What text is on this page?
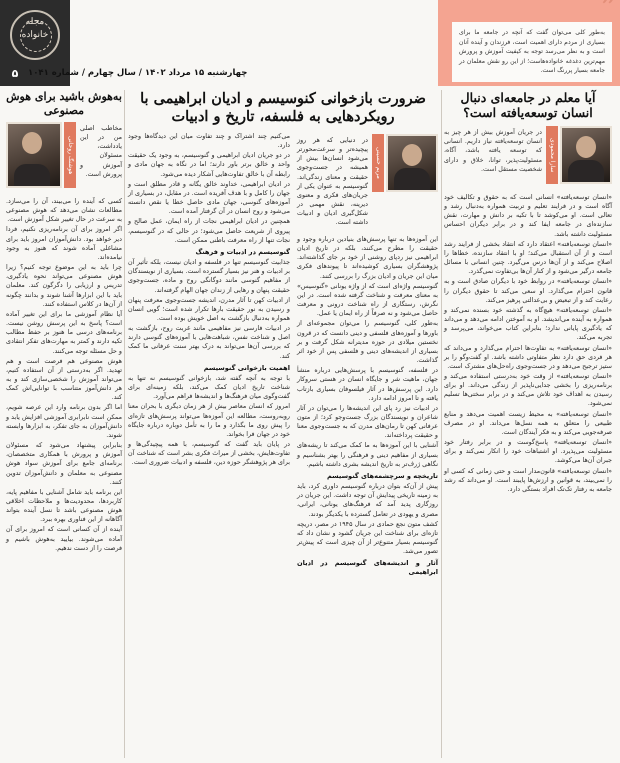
مجله
خانواده
۵	چهارشنبه ۱۵ مرداد ۱۴۰۲ / سال چهارم / شماره ۱۰۴۱
” به‌طور کلی می‌توان گفت که آنچه در جامعه ما برای بسیاری از مردم دارای اهمیت است، فرزندان و آینده آنان است و به نظر می‌رسد توجه به کیفیت آموزش و پرورش مهم‌ترین دغدغه خانواده‌هاست؛ از این رو نقش معلمان در جامعه بسیار پررنگ است.
آیا معلم در جامعه‌ای دنبال انسان توسعه‌یافته است؟
سارا محمودی
در جریان آموزش بیش از هر چیز به انسان توسعه‌یافته نیاز داریم. انسانی که توسعه یافته باشد، آگاه، مسئولیت‌پذیر، توانا، خلاق و دارای شخصیت مستقل است.

«انسان توسعه‌یافته» انسانی است که به حقوق و تکالیف خود آگاه است و در فرایند تعلیم و تربیت همواره به‌دنبال رشد و تعالی است. او می‌کوشد تا با تکیه بر دانش و مهارت، نقش سازنده‌ای در جامعه ایفا کند و در برابر دیگران احساس مسئولیت داشته باشد.

«انسان توسعه‌یافته» اعتقاد دارد که انتقاد بخشی از فرایند رشد است و از آن استقبال می‌کند؛ او با انتقاد سازنده، خطاها را اصلاح می‌کند و از آن‌ها درس می‌گیرد. چنین انسانی با مسائل جامعه درگیر می‌شود و از کنار آن‌ها بی‌تفاوت نمی‌گذرد.

«انسان توسعه‌یافته» در روابط خود با دیگران صادق است و به قانون احترام می‌گذارد. او سعی می‌کند تا حقوق دیگران را رعایت کند و از تبعیض و بی‌عدالتی پرهیز می‌کند.

«انسان توسعه‌یافته» هیچ‌گاه به گذشته خود بسنده نمی‌کند و همواره به آینده می‌اندیشد. او به آموختن ادامه می‌دهد و می‌داند که یادگیری پایانی ندارد؛ بنابراین کتاب می‌خواند، می‌پرسد و تجربه می‌کند.

«انسان توسعه‌یافته» به تفاوت‌ها احترام می‌گذارد و می‌داند که هر فردی حق دارد نظر متفاوتی داشته باشد. او گفت‌وگو را بر ستیز ترجیح می‌دهد و در جست‌وجوی راه‌حل‌های مشترک است.

«انسان توسعه‌یافته» از وقت خود به‌درستی استفاده می‌کند و برنامه‌ریزی را بخشی جدایی‌ناپذیر از زندگی می‌داند. او برای رسیدن به اهداف خود تلاش می‌کند و در برابر سختی‌ها تسلیم نمی‌شود.

«انسان توسعه‌یافته» به محیط زیست اهمیت می‌دهد و منابع طبیعی را متعلق به همه نسل‌ها می‌داند. او در مصرف صرفه‌جویی می‌کند و به فکر آیندگان است.

«انسان توسعه‌یافته» پاسخ‌گوست و در برابر رفتار خود مسئولیت می‌پذیرد. او اشتباهات خود را انکار نمی‌کند و برای جبران آن‌ها می‌کوشد.

«انسان توسعه‌یافته» قانون‌مدار است و حتی زمانی که کسی او را نمی‌بیند، به قوانین و ارزش‌ها پایبند است. او می‌داند که رشد جامعه به رفتار تک‌تک افراد بستگی دارد.

ضرورت بازخوانی کنوسیسم و ادیان ابراهیمی با رویکردهایی به فلسفه، تاریخ و ادبیات
مریم حسینی
در دنیایی که هر روز پیچیده‌تر و سرعت‌محورتر می‌شود انسان‌ها بیش از همیشه در جست‌وجوی حقیقت و معنای زندگی‌اند. گنوسیسم به عنوان یکی از جریان‌های فکری و معنوی دیرینه، نقش مهمی در شکل‌گیری ادیان و ادبیات داشته است.

این آموزه‌ها به تنها پرسش‌های بنیادین درباره وجود و حقیقت را مطرح می‌کنند، بلکه در تاریخ ادیان ابراهیمی نیز ردپای روشنی از خود بر جای گذاشته‌اند. پژوهشگران بسیاری کوشیده‌اند تا پیوندهای فکری میان این جریان و ادیان بزرگ را بررسی کنند.

گنوسیسم واژه‌ای است که از واژه یونانی «گنوسیس» به معنای معرفت و شناخت گرفته شده است. در این نگرش، رستگاری از راه شناخت درونی و معرفت حاصل می‌شود و نه صرفاً از راه ایمان یا عمل.

به‌طور کلی، گنوسیسم را می‌توان مجموعه‌ای از باورها و آموزه‌های فلسفی و دینی دانست که در قرون نخستین میلادی در حوزه مدیترانه شکل گرفت و بر بسیاری از اندیشه‌های دینی و فلسفی پس از خود اثر گذاشت.

در فلسفه، گنوسیسم با پرسش‌هایی درباره منشأ جهان، ماهیت شر و جایگاه انسان در هستی سروکار دارد. این پرسش‌ها در آثار فیلسوفان بسیاری بازتاب یافته و تا امروز ادامه دارد.

در ادبیات نیز رد پای این اندیشه‌ها را می‌توان در آثار شاعران و نویسندگان بزرگ جست‌وجو کرد؛ از متون عرفانی کهن تا رمان‌های مدرن که به جست‌وجوی معنا و حقیقت پرداخته‌اند.

آشنایی با این آموزه‌ها به ما کمک می‌کند تا ریشه‌های بسیاری از مفاهیم دینی و فرهنگی را بهتر بشناسیم و نگاهی ژرف‌تر به تاریخ اندیشه بشری داشته باشیم.

تاریخچه و سرچشمه‌های گنوسیسم

پیش از آن‌که بتوان درباره گنوسیسم داوری کرد، باید به زمینه تاریخی پیدایش آن توجه داشت. این جریان در روزگاری پدید آمد که فرهنگ‌های یونانی، ایرانی، مصری و یهودی در تعامل گسترده با یکدیگر بودند.

کشف متون نجع حمادی در سال ۱۹۴۵ در مصر، دریچه تازه‌ای برای شناخت این جریان گشود و نشان داد که گنوسیسم بسیار متنوع‌تر از آن چیزی است که پیش‌تر تصور می‌شد.

آثار و اندیشه‌های گنوسیسم در ادیان ابراهیمی

می‌کنیم چند اشتراک و چند تفاوت میان این دیدگاه‌ها وجود دارد.

در دو جریان ادیان ابراهیمی و گنوسیسم، به وجود یک حقیقت واحد و خالق برتر باور دارند؛ اما در نگاه به جهان مادی و رابطه آن با خالق تفاوت‌هایی آشکار دیده می‌شود.

در ادیان ابراهیمی، خداوند خالق یگانه و قادر مطلق است و جهان را کامل و با هدف آفریده است. در مقابل، در بسیاری از آموزه‌های گنوسی، جهان مادی حاصل خطا یا نقص دانسته می‌شود و روح انسان در آن گرفتار آمده است.

همچنین در ادیان ابراهیمی نجات از راه ایمان، عمل صالح و پیروی از شریعت حاصل می‌شود؛ در حالی که در گنوسیسم، نجات تنها از راه معرفت باطنی ممکن است.

گنوسیسم در ادبیات و فرهنگ

جذابیت گنوسیسم تنها در فلسفه و ادیان نیست، بلکه تأثیر آن بر ادبیات و هنر نیز بسیار گسترده است. بسیاری از نویسندگان از مفاهیم گنوسی مانند دوگانگی روح و ماده، جست‌وجوی حقیقت پنهان و رهایی از زندان جهان الهام گرفته‌اند.

از ادبیات کهن تا آثار مدرن، اندیشه جست‌وجوی معرفت پنهان و رسیدن به نور حقیقت بارها تکرار شده است؛ گویی انسان همواره به‌دنبال بازگشت به اصل خویش بوده است.

در ادبیات فارسی نیز مفاهیمی مانند غربت روح، بازگشت به اصل و شناخت نفس، شباهت‌هایی با آموزه‌های گنوسی دارند که بررسی آن‌ها می‌تواند به درک بهتر سنت عرفانی ما کمک کند.

اهمیت بازخوانی گنوسیسم

با توجه به آنچه گفته شد، بازخوانی گنوسیسم نه تنها به شناخت تاریخ ادیان کمک می‌کند، بلکه زمینه‌ای برای گفت‌وگوی میان فرهنگ‌ها و اندیشه‌ها فراهم می‌آورد.

امروز که انسان معاصر بیش از هر زمان دیگری با بحران معنا روبه‌روست، مطالعه این آموزه‌ها می‌تواند پرسش‌های تازه‌ای را پیش روی ما بگذارد و ما را به تأمل دوباره درباره جایگاه خود در جهان فرا بخواند.

در پایان باید گفت که گنوسیسم، با همه پیچیدگی‌ها و تفاوت‌هایش، بخشی از میراث فکری بشر است که شناخت آن برای هر پژوهشگر حوزه دین، فلسفه و ادبیات ضروری است.

به‌هوش باشید برای هوش مصنوعی
هوشنگ روحانی
مخاطب اصلی من در این یادداشت، مسئولان آموزش و پرورش است.

کسی که آینده را می‌بیند، آن را می‌سازد. مطالعات نشان می‌دهد که هوش مصنوعی به سرعت در حال تغییر شکل آموزش است.

اگر امروز برای آن برنامه‌ریزی نکنیم، فردا دیر خواهد بود. دانش‌آموزان امروز باید برای مشاغلی آماده شوند که هنوز به وجود نیامده‌اند.

چرا باید به این موضوع توجه کنیم؟ زیرا هوش مصنوعی می‌تواند نحوه یادگیری، تدریس و ارزیابی را دگرگون کند. معلمان باید با این ابزارها آشنا شوند و بدانند چگونه از آن‌ها در کلاس استفاده کنند.

آیا نظام آموزشی ما برای این تغییر آماده است؟ پاسخ به این پرسش روشن نیست. برنامه‌های درسی ما هنوز بر حفظ مطالب تکیه دارند و کمتر به مهارت‌های تفکر انتقادی و حل مسئله توجه می‌کنند.

هوش مصنوعی هم فرصت است و هم تهدید. اگر به‌درستی از آن استفاده کنیم، می‌تواند آموزش را شخصی‌سازی کند و به هر دانش‌آموز متناسب با توانایی‌اش کمک کند.

اما اگر بدون برنامه وارد این عرصه شویم، ممکن است نابرابری آموزشی افزایش یابد و دانش‌آموزان به جای تفکر، به ابزارها وابسته شوند.

بنابراین پیشنهاد می‌شود که مسئولان آموزش و پرورش با همکاری متخصصان، برنامه‌ای جامع برای آموزش سواد هوش مصنوعی به معلمان و دانش‌آموزان تدوین کنند.

این برنامه باید شامل آشنایی با مفاهیم پایه، کاربردها، محدودیت‌ها و ملاحظات اخلاقی هوش مصنوعی باشد تا نسل آینده بتواند آگاهانه از این فناوری بهره ببرد.

آینده از آن کسانی است که امروز برای آن آماده می‌شوند. بیایید به‌هوش باشیم و فرصت را از دست ندهیم.
